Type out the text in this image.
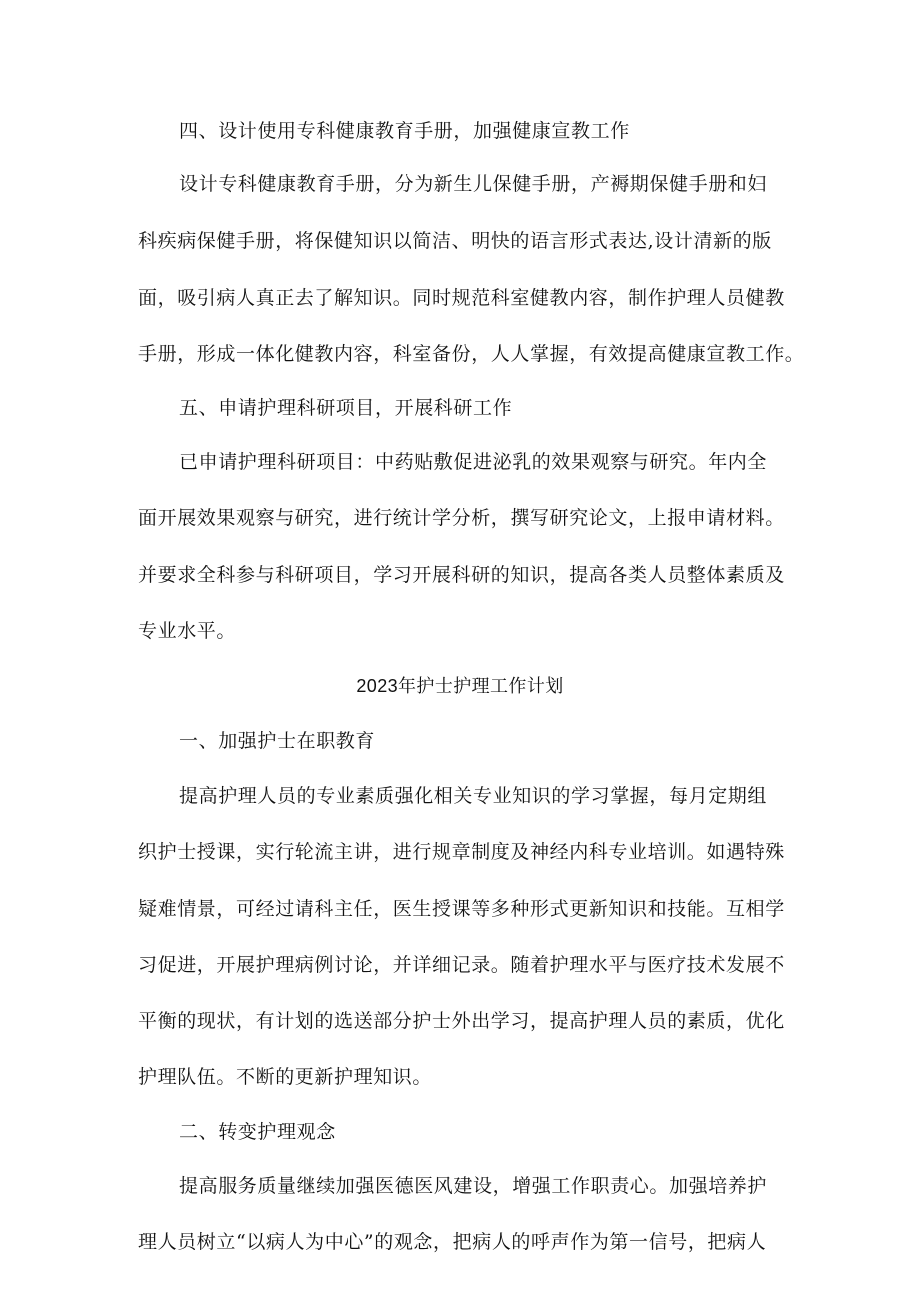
四、设计使用专科健康教育手册，加强健康宣教工作

设计专科健康教育手册，分为新生儿保健手册，产褥期保健手册和妇

科疾病保健手册，将保健知识以简洁、明快的语言形式表达,设计清新的版

面，吸引病人真正去了解知识。同时规范科室健教内容，制作护理人员健教

手册，形成一体化健教内容，科室备份，人人掌握，有效提高健康宣教工作。

五、申请护理科研项目，开展科研工作

已申请护理科研项目：中药贴敷促进泌乳的效果观察与研究。年内全

面开展效果观察与研究，进行统计学分析，撰写研究论文，上报申请材料。

并要求全科参与科研项目，学习开展科研的知识，提高各类人员整体素质及

专业水平。

2023年护士护理工作计划

一、加强护士在职教育

提高护理人员的专业素质强化相关专业知识的学习掌握，每月定期组

织护士授课，实行轮流主讲，进行规章制度及神经内科专业培训。如遇特殊

疑难情景，可经过请科主任，医生授课等多种形式更新知识和技能。互相学

习促进，开展护理病例讨论，并详细记录。随着护理水平与医疗技术发展不

平衡的现状，有计划的选送部分护士外出学习，提高护理人员的素质，优化

护理队伍。不断的更新护理知识。

二、转变护理观念

提高服务质量继续加强医德医风建设，增强工作职责心。加强培养护

理人员树立“以病人为中心”的观念，把病人的呼声作为第一信号，把病人
